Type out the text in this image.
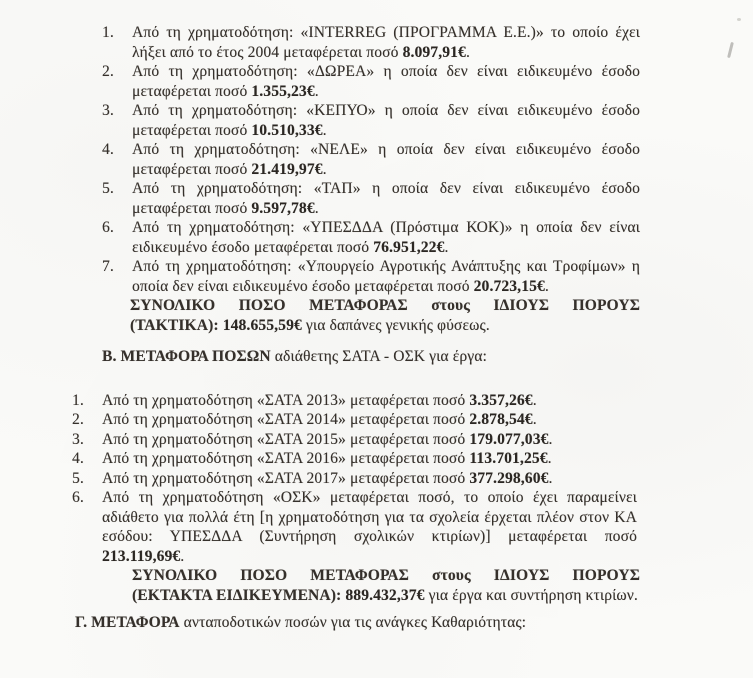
1.	Από τη χρηματοδότηση: «INTERREG (ΠΡΟΓΡΑΜΜΑ Ε.Ε.)» το οποίο έχει λήξει από το έτος 2004 μεταφέρεται ποσό 8.097,91€.
2.	Από τη χρηματοδότηση: «ΔΩΡΕΑ» η οποία δεν είναι ειδικευμένο έσοδο μεταφέρεται ποσό 1.355,23€.
3.	Από τη χρηματοδότηση: «ΚΕΠΥΟ» η οποία δεν είναι ειδικευμένο έσοδο μεταφέρεται ποσό 10.510,33€.
4.	Από τη χρηματοδότηση: «ΝΕΛΕ» η οποία δεν είναι ειδικευμένο έσοδο μεταφέρεται ποσό 21.419,97€.
5.	Από τη χρηματοδότηση: «ΤΑΠ» η οποία δεν είναι ειδικευμένο έσοδο μεταφέρεται ποσό 9.597,78€.
6.	Από τη χρηματοδότηση: «ΥΠΕΣΔΔΑ (Πρόστιμα ΚΟΚ)» η οποία δεν είναι ειδικευμένο έσοδο μεταφέρεται ποσό 76.951,22€.
7.	Από τη χρηματοδότηση: «Υπουργείο Αγροτικής Ανάπτυξης και Τροφίμων» η οποία δεν είναι ειδικευμένο έσοδο μεταφέρεται ποσό 20.723,15€.
ΣΥΝΟΛΙΚΟ ΠΟΣΟ ΜΕΤΑΦΟΡΑΣ στους ΙΔΙΟΥΣ ΠΟΡΟΥΣ
(ΤΑΚΤΙΚΑ): 148.655,59€ για δαπάνες γενικής φύσεως.
Β. ΜΕΤΑΦΟΡΑ ΠΟΣΩΝ αδιάθετης ΣΑΤΑ - ΟΣΚ για έργα:
1.	Από τη χρηματοδότηση «ΣΑΤΑ 2013» μεταφέρεται ποσό 3.357,26€.
2.	Από τη χρηματοδότηση «ΣΑΤΑ 2014» μεταφέρεται ποσό 2.878,54€.
3.	Από τη χρηματοδότηση «ΣΑΤΑ 2015» μεταφέρεται ποσό 179.077,03€.
4.	Από τη χρηματοδότηση «ΣΑΤΑ 2016» μεταφέρεται ποσό 113.701,25€.
5.	Από τη χρηματοδότηση «ΣΑΤΑ 2017» μεταφέρεται ποσό 377.298,60€.
6.	Από τη χρηματοδότηση «ΟΣΚ» μεταφέρεται ποσό, το οποίο έχει παραμείνει αδιάθετο για πολλά έτη [η χρηματοδότηση για τα σχολεία έρχεται πλέον στον ΚΑ εσόδου: ΥΠΕΣΔΔΑ (Συντήρηση σχολικών κτιρίων)] μεταφέρεται ποσό 213.119,69€.
ΣΥΝΟΛΙΚΟ ΠΟΣΟ ΜΕΤΑΦΟΡΑΣ στους ΙΔΙΟΥΣ ΠΟΡΟΥΣ
(ΕΚΤΑΚΤΑ ΕΙΔΙΚΕΥΜΕΝΑ): 889.432,37€ για έργα και συντήρηση κτιρίων.
Γ. ΜΕΤΑΦΟΡΑ ανταποδοτικών ποσών για τις ανάγκες Καθαριότητας:
